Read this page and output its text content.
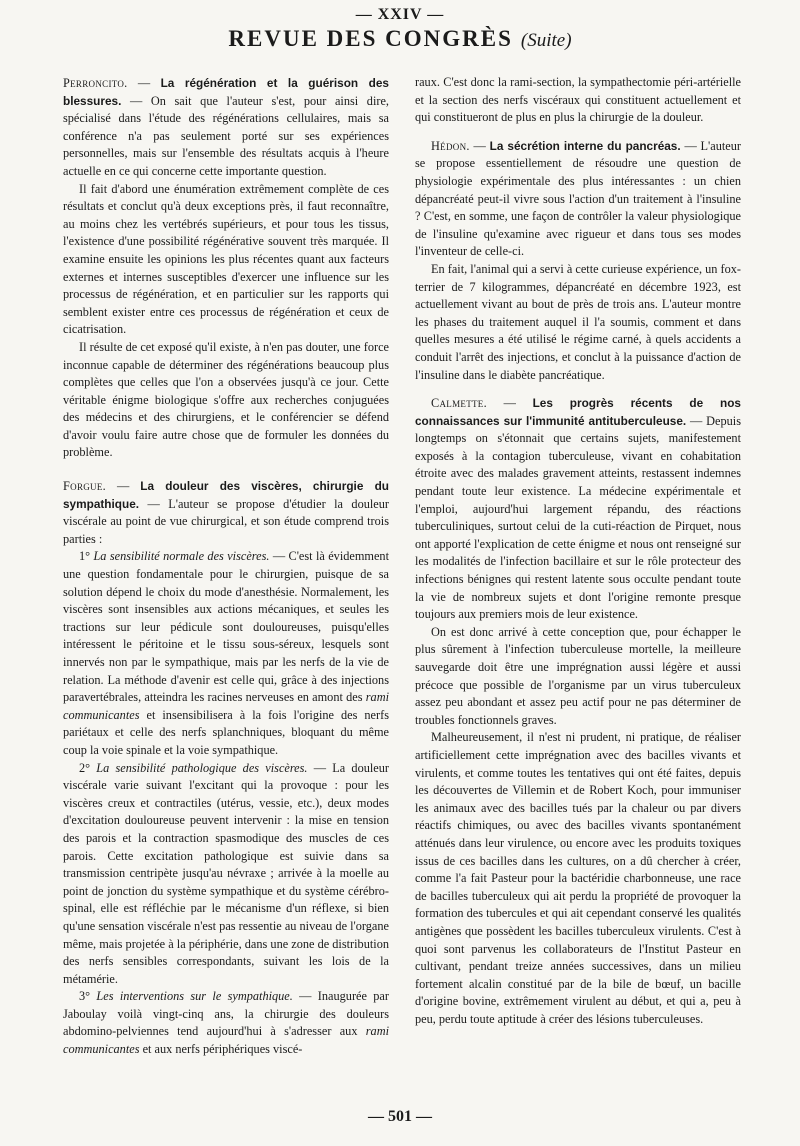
— XXIV —
REVUE DES CONGRÈS (Suite)

Perroncito. — La régénération et la guérison des blessures. — On sait que l'auteur s'est, pour ainsi dire, spécialisé dans l'étude des régénérations cellulaires, mais sa conférence n'a pas seulement porté sur ses expériences personnelles, mais sur l'ensemble des résultats acquis à l'heure actuelle en ce qui concerne cette importante question.

Il fait d'abord une énumération extrêmement complète de ces résultats et conclut qu'à deux exceptions près, il faut reconnaître, au moins chez les vertébrés supérieurs, et pour tous les tissus, l'existence d'une possibilité régénérative souvent très marquée. Il examine ensuite les opinions les plus récentes quant aux facteurs externes et internes susceptibles d'exercer une influence sur les processus de régénération, et en particulier sur les rapports qui semblent exister entre ces processus de régénération et ceux de cicatrisation.

Il résulte de cet exposé qu'il existe, à n'en pas douter, une force inconnue capable de déterminer des régénérations beaucoup plus complètes que celles que l'on a observées jusqu'à ce jour. Cette véritable énigme biologique s'offre aux recherches conjuguées des médecins et des chirurgiens, et le conférencier se défend d'avoir voulu faire autre chose que de formuler les données du problème.

Forgue. — La douleur des viscères, chirurgie du sympathique. — L'auteur se propose d'étudier la douleur viscérale au point de vue chirurgical, et son étude comprend trois parties :

1° La sensibilité normale des viscères. — C'est là évidemment une question fondamentale pour le chirurgien, puisque de sa solution dépend le choix du mode d'anesthésie. Normalement, les viscères sont insensibles aux actions mécaniques, et seules les tractions sur leur pédicule sont douloureuses, puisqu'elles intéressent le péritoine et le tissu sous-séreux, lesquels sont innervés non par le sympathique, mais par les nerfs de la vie de relation. La méthode d'avenir est celle qui, grâce à des injections paravertébrales, atteindra les racines nerveuses en amont des rami communicantes et insensibilisera à la fois l'origine des nerfs pariétaux et celle des nerfs splanchniques, bloquant du même coup la voie spinale et la voie sympathique.

2° La sensibilité pathologique des viscères. — La douleur viscérale varie suivant l'excitant qui la provoque : pour les viscères creux et contractiles (utérus, vessie, etc.), deux modes d'excitation douloureuse peuvent intervenir : la mise en tension des parois et la contraction spasmodique des muscles de ces parois. Cette excitation pathologique est suivie dans sa transmission centripète jusqu'au névraxe ; arrivée à la moelle au point de jonction du système sympathique et du système cérébro-spinal, elle est réfléchie par le mécanisme d'un réflexe, si bien qu'une sensation viscérale n'est pas ressentie au niveau de l'organe même, mais projetée à la périphérie, dans une zone de distribution des nerfs sensibles correspondants, suivant les lois de la métamérie.

3° Les interventions sur le sympathique. — Inaugurée par Jaboulay voilà vingt-cinq ans, la chirurgie des douleurs abdomino-pelviennes tend aujourd'hui à s'adresser aux rami communicantes et aux nerfs périphériques viscé-

raux. C'est donc la rami-section, la sympathectomie péri-artérielle et la section des nerfs viscéraux qui constituent actuellement et qui constitueront de plus en plus la chirurgie de la douleur.

Hédon. — La sécrétion interne du pancréas. — L'auteur se propose essentiellement de résoudre une question de physiologie expérimentale des plus intéressantes : un chien dépancréaté peut-il vivre sous l'action d'un traitement à l'insuline ? C'est, en somme, une façon de contrôler la valeur physiologique de l'insuline qu'examine avec rigueur et dans tous ses modes l'inventeur de celle-ci.

En fait, l'animal qui a servi à cette curieuse expérience, un fox-terrier de 7 kilogrammes, dépancréaté en décembre 1923, est actuellement vivant au bout de près de trois ans. L'auteur montre les phases du traitement auquel il l'a soumis, comment et dans quelles mesures a été utilisé le régime carné, à quels accidents a conduit l'arrêt des injections, et conclut à la puissance d'action de l'insuline dans le diabète pancréatique.

Calmette. — Les progrès récents de nos connaissances sur l'immunité antituberculeuse. — Depuis longtemps on s'étonnait que certains sujets, manifestement exposés à la contagion tuberculeuse, vivant en cohabitation étroite avec des malades gravement atteints, restassent indemnes pendant toute leur existence. La médecine expérimentale et l'emploi, aujourd'hui largement répandu, des réactions tuberculiniques, surtout celui de la cuti-réaction de Pirquet, nous ont apporté l'explication de cette énigme et nous ont renseigné sur les modalités de l'infection bacillaire et sur le rôle protecteur des infections bénignes qui restent latente sous occulte pendant toute la vie de nombreux sujets et dont l'origine remonte presque toujours aux premiers mois de leur existence.

On est donc arrivé à cette conception que, pour échapper le plus sûrement à l'infection tuberculeuse mortelle, la meilleure sauvegarde doit être une imprégnation aussi légère et aussi précoce que possible de l'organisme par un virus tuberculeux assez peu abondant et assez peu actif pour ne pas déterminer de troubles fonctionnels graves.

Malheureusement, il n'est ni prudent, ni pratique, de réaliser artificiellement cette imprégnation avec des bacilles vivants et virulents, et comme toutes les tentatives qui ont été faites, depuis les découvertes de Villemin et de Robert Koch, pour immuniser les animaux avec des bacilles tués par la chaleur ou par divers réactifs chimiques, ou avec des bacilles vivants spontanément atténués dans leur virulence, ou encore avec les produits toxiques issus de ces bacilles dans les cultures, on a dû chercher à créer, comme l'a fait Pasteur pour la bactéridie charbonneuse, une race de bacilles tuberculeux qui ait perdu la propriété de provoquer la formation des tubercules et qui ait cependant conservé les qualités antigènes que possèdent les bacilles tuberculeux virulents. C'est à quoi sont parvenus les collaborateurs de l'Institut Pasteur en cultivant, pendant treize années successives, dans un milieu fortement alcalin constitué par de la bile de bœuf, un bacille d'origine bovine, extrêmement virulent au début, et qui a, peu à peu, perdu toute aptitude à créer des lésions tuberculeuses.

— 501 —
